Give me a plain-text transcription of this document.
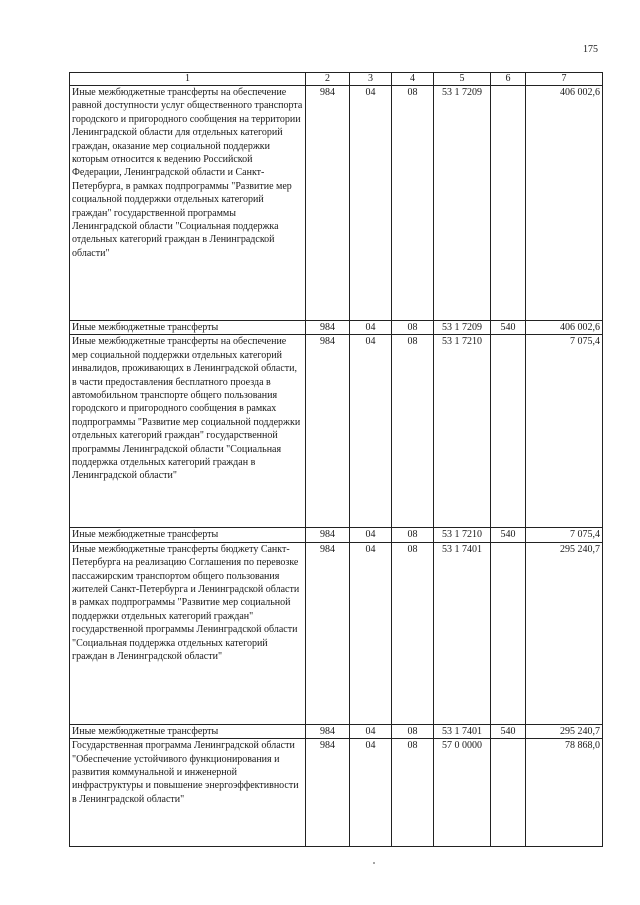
175
1	2	3	4	5	6	7
Иные межбюджетные трансферты на обеспечение равной доступности услуг общественного транспорта городского и пригородного сообщения на территории Ленинградской области для отдельных категорий граждан, оказание мер социальной поддержки которым относится к ведению Российской Федерации, Ленинградской области и Санкт-Петербурга, в рамках подпрограммы "Развитие мер социальной поддержки отдельных категорий граждан" государственной программы Ленинградской области "Социальная поддержка отдельных категорий граждан в Ленинградской области"	984	04	08	53 1 7209		406 002,6
Иные межбюджетные трансферты	984	04	08	53 1 7209	540	406 002,6
Иные межбюджетные трансферты на обеспечение мер социальной поддержки отдельных категорий инвалидов, проживающих в Ленинградской области, в части предоставления бесплатного проезда в автомобильном транспорте общего пользования городского и пригородного сообщения в рамках подпрограммы "Развитие мер социальной поддержки отдельных категорий граждан" государственной программы Ленинградской области "Социальная поддержка отдельных категорий граждан в Ленинградской области"	984	04	08	53 1 7210		7 075,4
Иные межбюджетные трансферты	984	04	08	53 1 7210	540	7 075,4
Иные межбюджетные трансферты бюджету Санкт-Петербурга на реализацию Соглашения по перевозке пассажирским транспортом общего пользования жителей Санкт-Петербурга и Ленинградской области в рамках подпрограммы "Развитие мер социальной поддержки отдельных категорий граждан" государственной программы Ленинградской области "Социальная поддержка отдельных категорий граждан в Ленинградской области"	984	04	08	53 1 7401		295 240,7
Иные межбюджетные трансферты	984	04	08	53 1 7401	540	295 240,7
Государственная программа Ленинградской области "Обеспечение устойчивого функционирования и развития коммунальной и инженерной инфраструктуры и повышение энергоэффективности в Ленинградской области"	984	04	08	57 0 0000		78 868,0
